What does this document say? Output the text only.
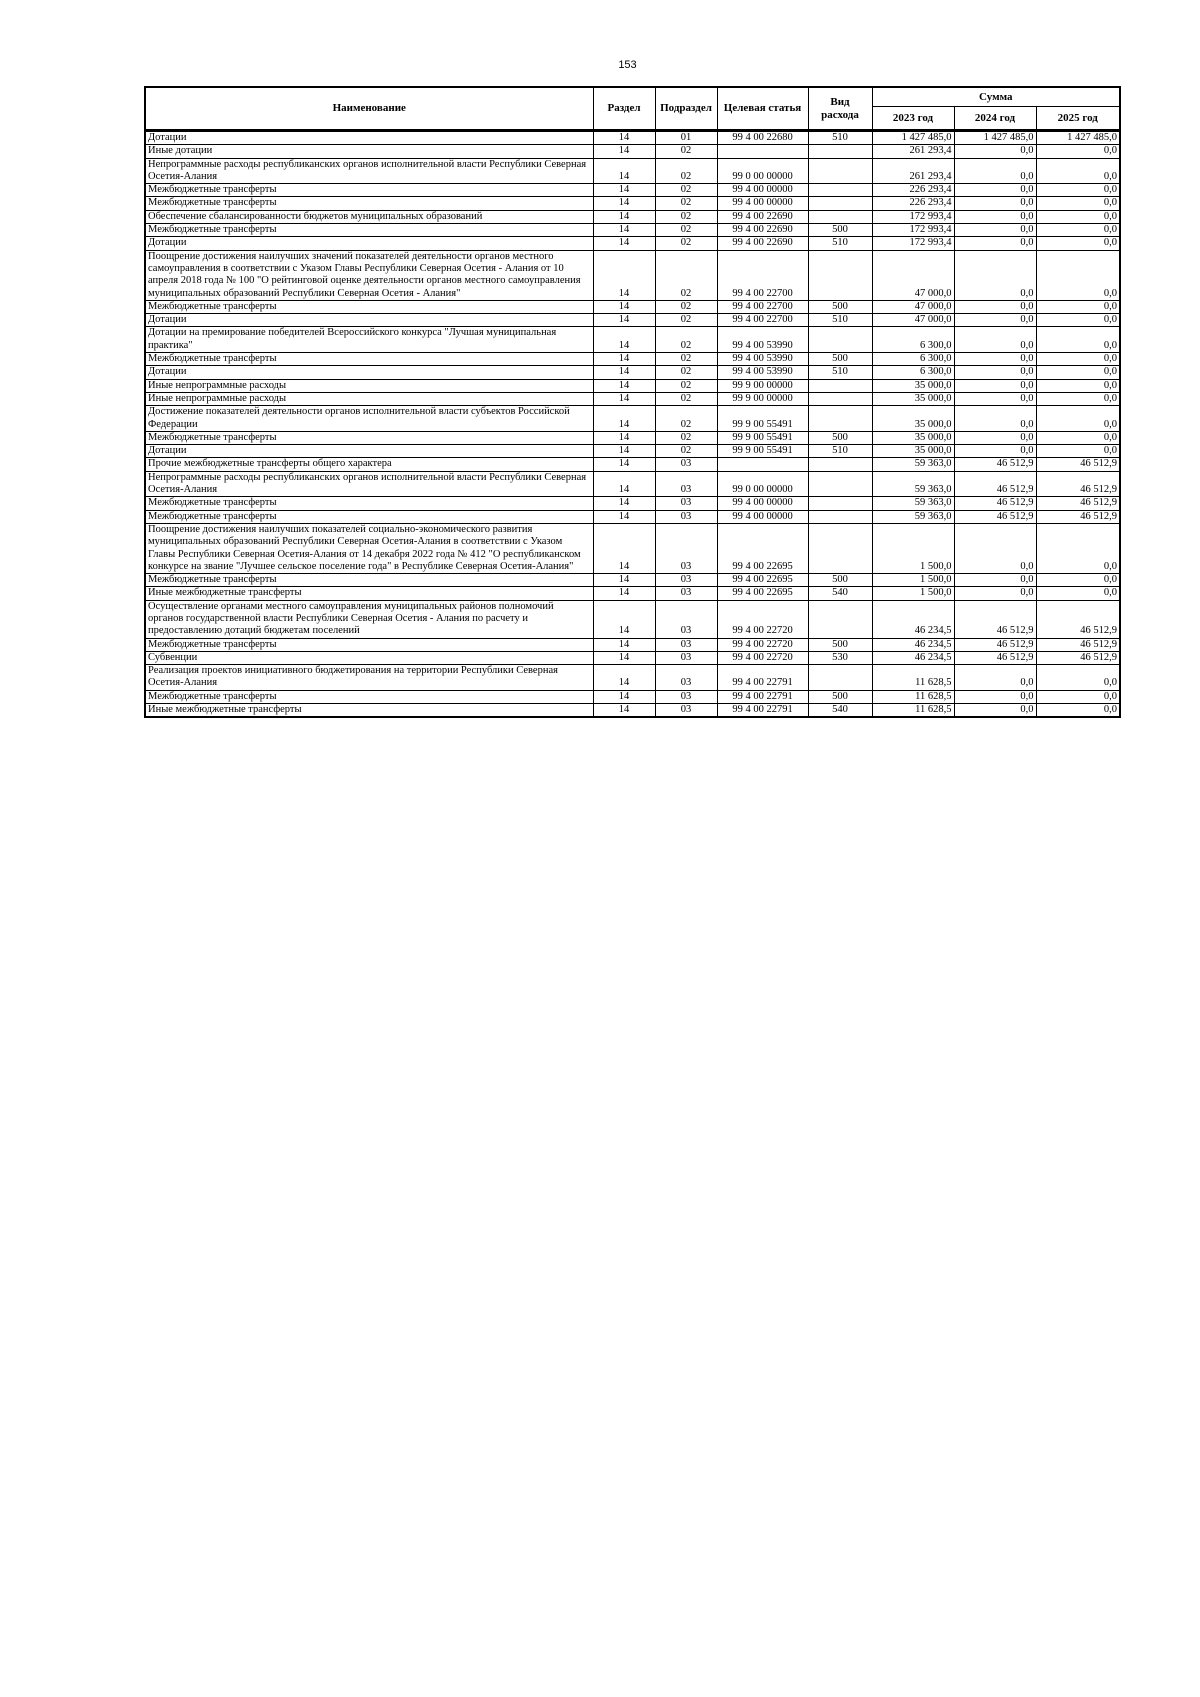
153
Наименование	Раздел	Подраздел	Целевая статья	Вид расхода	Сумма		
					2023 год	2024 год	2025 год
Дотации	14	01	99 4 00 22680	510	1 427 485,0	1 427 485,0	1 427 485,0
Иные дотации	14	02			261 293,4	0,0	0,0
Непрограммные расходы республиканских органов исполнительной власти Республики Северная Осетия-Алания	14	02	99 0 00 00000		261 293,4	0,0	0,0
Межбюджетные трансферты	14	02	99 4 00 00000		226 293,4	0,0	0,0
Межбюджетные трансферты	14	02	99 4 00 00000		226 293,4	0,0	0,0
Обеспечение сбалансированности бюджетов муниципальных образований	14	02	99 4 00 22690		172 993,4	0,0	0,0
Межбюджетные трансферты	14	02	99 4 00 22690	500	172 993,4	0,0	0,0
Дотации	14	02	99 4 00 22690	510	172 993,4	0,0	0,0
Поощрение достижения наилучших значений показателей деятельности органов местного самоуправления в соответствии с Указом Главы Республики Северная Осетия - Алания от 10 апреля 2018 года № 100 "О рейтинговой оценке деятельности органов местного самоуправления муниципальных образований Республики Северная Осетия - Алания"	14	02	99 4 00 22700		47 000,0	0,0	0,0
Межбюджетные трансферты	14	02	99 4 00 22700	500	47 000,0	0,0	0,0
Дотации	14	02	99 4 00 22700	510	47 000,0	0,0	0,0
Дотации на премирование победителей Всероссийского конкурса "Лучшая муниципальная практика"	14	02	99 4 00 53990		6 300,0	0,0	0,0
Межбюджетные трансферты	14	02	99 4 00 53990	500	6 300,0	0,0	0,0
Дотации	14	02	99 4 00 53990	510	6 300,0	0,0	0,0
Иные непрограммные расходы	14	02	99 9 00 00000		35 000,0	0,0	0,0
Иные непрограммные расходы	14	02	99 9 00 00000		35 000,0	0,0	0,0
Достижение показателей деятельности органов исполнительной власти субъектов Российской Федерации	14	02	99 9 00 55491		35 000,0	0,0	0,0
Межбюджетные трансферты	14	02	99 9 00 55491	500	35 000,0	0,0	0,0
Дотации	14	02	99 9 00 55491	510	35 000,0	0,0	0,0
Прочие межбюджетные трансферты общего характера	14	03			59 363,0	46 512,9	46 512,9
Непрограммные расходы республиканских органов исполнительной власти Республики Северная Осетия-Алания	14	03	99 0 00 00000		59 363,0	46 512,9	46 512,9
Межбюджетные трансферты	14	03	99 4 00 00000		59 363,0	46 512,9	46 512,9
Межбюджетные трансферты	14	03	99 4 00 00000		59 363,0	46 512,9	46 512,9
Поощрение достижения наилучших показателей социально-экономического развития муниципальных образований Республики Северная Осетия-Алания в соответствии с Указом Главы Республики Северная Осетия-Алания от 14 декабря 2022 года № 412 "О республиканском конкурсе на звание "Лучшее сельское поселение года" в Республике Северная Осетия-Алания"	14	03	99 4 00 22695		1 500,0	0,0	0,0
Межбюджетные трансферты	14	03	99 4 00 22695	500	1 500,0	0,0	0,0
Иные межбюджетные трансферты	14	03	99 4 00 22695	540	1 500,0	0,0	0,0
Осуществление органами местного самоуправления муниципальных районов полномочий органов государственной власти Республики Северная Осетия - Алания по расчету и предоставлению дотаций бюджетам поселений	14	03	99 4 00 22720		46 234,5	46 512,9	46 512,9
Межбюджетные трансферты	14	03	99 4 00 22720	500	46 234,5	46 512,9	46 512,9
Субвенции	14	03	99 4 00 22720	530	46 234,5	46 512,9	46 512,9
Реализация проектов инициативного бюджетирования на территории Республики Северная Осетия-Алания	14	03	99 4 00 22791		11 628,5	0,0	0,0
Межбюджетные трансферты	14	03	99 4 00 22791	500	11 628,5	0,0	0,0
Иные межбюджетные трансферты	14	03	99 4 00 22791	540	11 628,5	0,0	0,0
